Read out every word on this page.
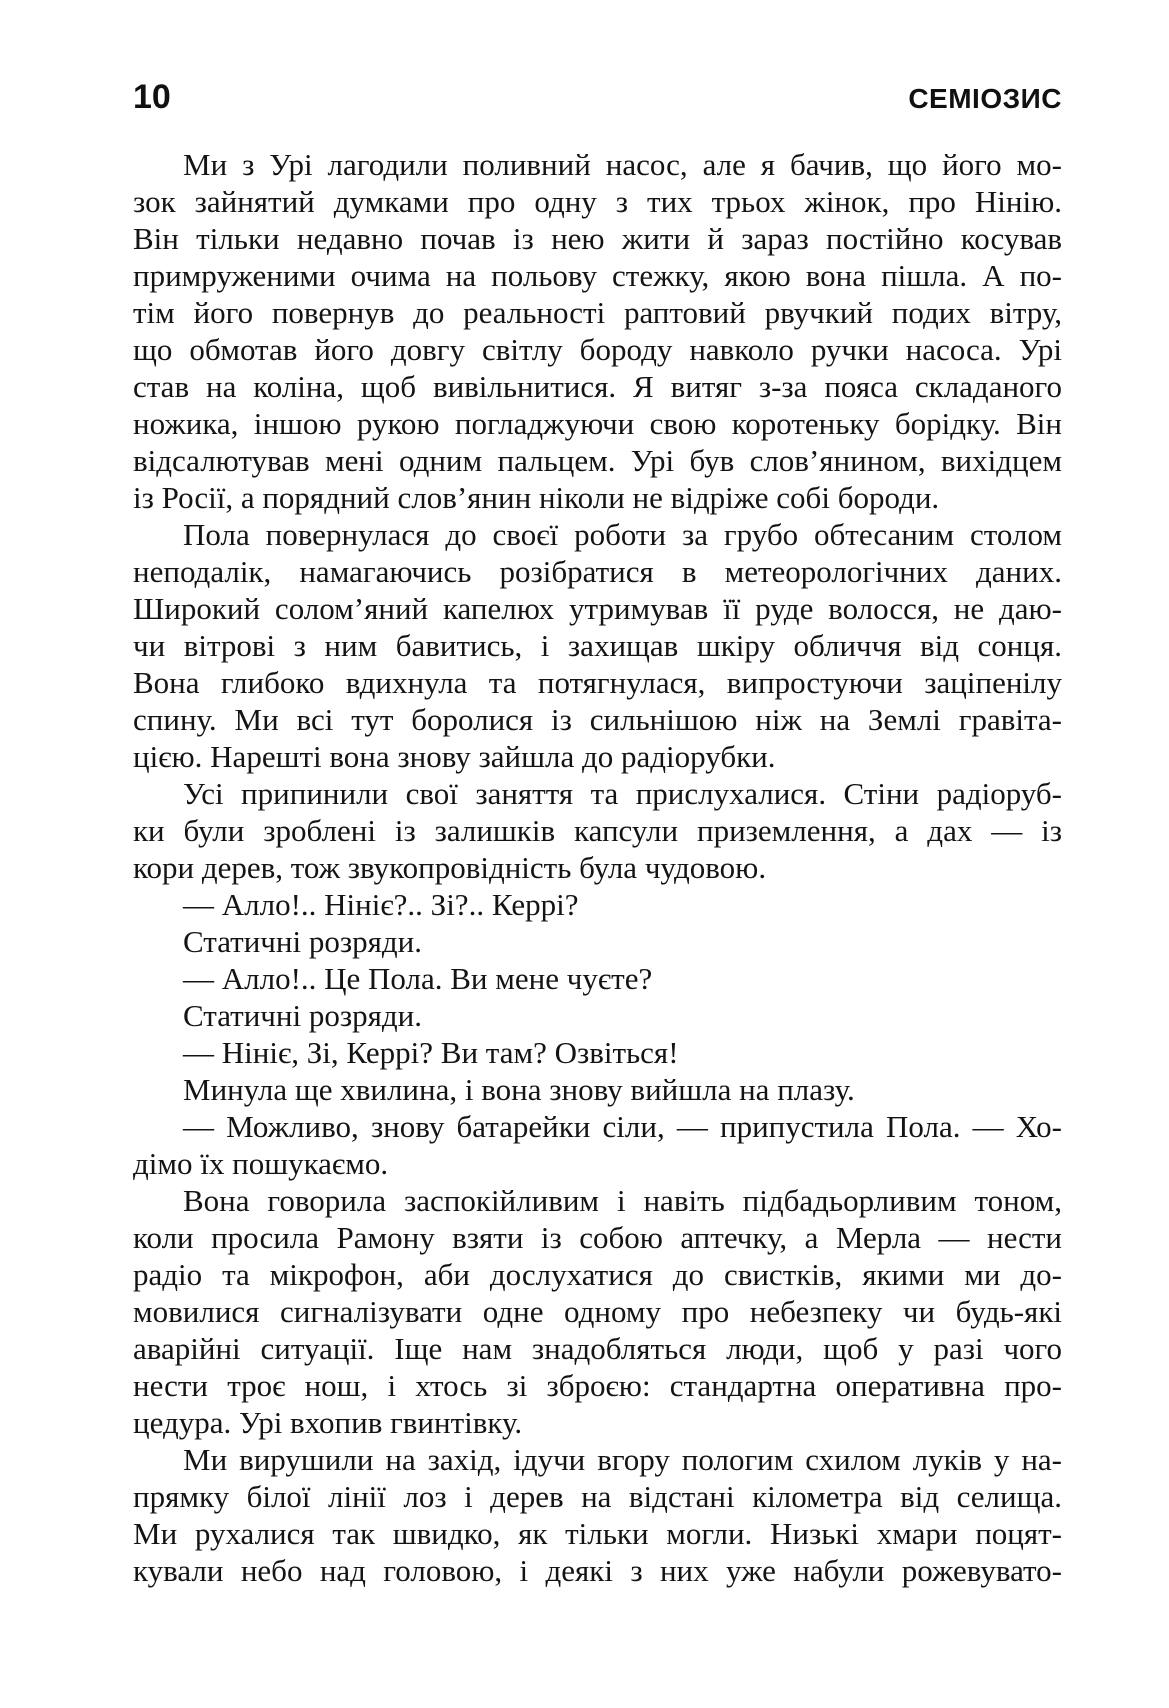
10	СЕМІОЗИС
Ми з Урі лагодили поливний насос, але я бачив, що його мо-
зок зайнятий думками про одну з тих трьох жінок, про Нінію.
Він тільки недавно почав із нею жити й зараз постійно косував
примруженими очима на польову стежку, якою вона пішла. А по-
тім його повернув до реальності раптовий рвучкий подих вітру,
що обмотав його довгу світлу бороду навколо ручки насоса. Урі
став на коліна, щоб вивільнитися. Я витяг з-за пояса складаного
ножика, іншою рукою погладжуючи свою коротеньку борідку. Він
відсалютував мені одним пальцем. Урі був слов’янином, вихідцем
із Росії, а порядний слов’янин ніколи не відріже собі бороди.
Пола повернулася до своєї роботи за грубо обтесаним столом
неподалік, намагаючись розібратися в метеорологічних даних.
Широкий солом’яний капелюх утримував її руде волосся, не даю-
чи вітрові з ним бавитись, і захищав шкіру обличчя від сонця.
Вона глибоко вдихнула та потягнулася, випростуючи заціпенілу
спину. Ми всі тут боролися із сильнішою ніж на Землі гравіта-
цією. Нарешті вона знову зайшла до радіорубки.
Усі припинили свої заняття та прислухалися. Стіни радіоруб-
ки були зроблені із залишків капсули приземлення, а дах — із
кори дерев, тож звукопровідність була чудовою.
— Алло!.. Нініє?.. Зі?.. Керрі?
Статичні розряди.
— Алло!.. Це Пола. Ви мене чуєте?
Статичні розряди.
— Нініє, Зі, Керрі? Ви там? Озвіться!
Минула ще хвилина, і вона знову вийшла на плазу.
— Можливо, знову батарейки сіли, — припустила Пола. — Хо-
дімо їх пошукаємо.
Вона говорила заспокійливим і навіть підбадьорливим тоном,
коли просила Рамону взяти із собою аптечку, а Мерла — нести
радіо та мікрофон, аби дослухатися до свистків, якими ми до-
мовилися сигналізувати одне одному про небезпеку чи будь-які
аварійні ситуації. Іще нам знадобляться люди, щоб у разі чого
нести троє нош, і хтось зі зброєю: стандартна оперативна про-
цедура. Урі вхопив гвинтівку.
Ми вирушили на захід, ідучи вгору пологим схилом луків у на-
прямку білої лінії лоз і дерев на відстані кілометра від селища.
Ми рухалися так швидко, як тільки могли. Низькі хмари поцят-
кували небо над головою, і деякі з них уже набули рожевувато-
